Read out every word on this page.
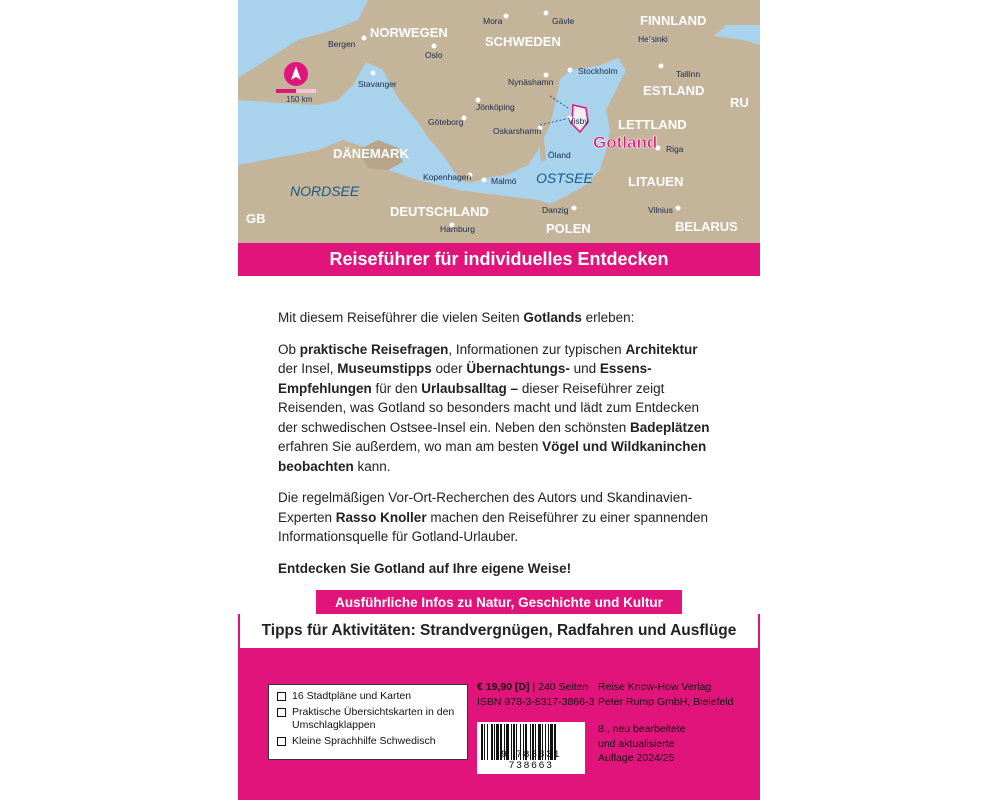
150 km
NORWEGEN
SCHWEDEN
FINNLAND
ESTLAND
RU
LETTLAND
LITAUEN
BELARUS
POLEN
DEUTSCHLAND
DÄNEMARK
GB
NORDSEE
OSTSEE
Bergen
Oslo
Stavanger
Mora	Gävle
Helsinki
Tallinn
Stockholm
Nynäshamn
Jönköping
Göteborg
Oskarshamn
Visby
Öland
Riga
Kopenhagen Malmö
Danzig	Vilnius
Hamburg
Gotland
Reiseführer für individuelles Entdecken

Mit diesem Reiseführer die vielen Seiten Gotlands erleben:

Ob praktische Reisefragen, Informationen zur typischen Architektur der Insel, Museumstipps oder Übernachtungs- und Essens-Empfehlungen für den Urlaubsalltag – dieser Reiseführer zeigt Reisenden, was Gotland so besonders macht und lädt zum Entdecken der schwedischen Ostsee-Insel ein. Neben den schönsten Badeplätzen erfahren Sie außerdem, wo man am besten Vögel und Wildkaninchen beobachten kann.

Die regelmäßigen Vor-Ort-Recherchen des Autors und Skandinavien-Experten Rasso Knoller machen den Reiseführer zu einer spannenden Informationsquelle für Gotland-Urlauber.

Entdecken Sie Gotland auf Ihre eigene Weise!

Ausführliche Infos zu Natur, Geschichte und Kultur
Tipps für Aktivitäten: Strandvergnügen, Radfahren und Ausflüge
16 Stadtpläne und Karten
Praktische Übersichtskarten in den Umschlagklappen
Kleine Sprachhilfe Schwedisch
€ 19,90 [D] | 240 Seiten
ISBN 978-3-8317-3866-3
Reise Know-How Verlag
Peter Rump GmbH, Bielefeld
8., neu bearbeitete
und aktualisierte
Auflage 2024/25
9 783831 738663
